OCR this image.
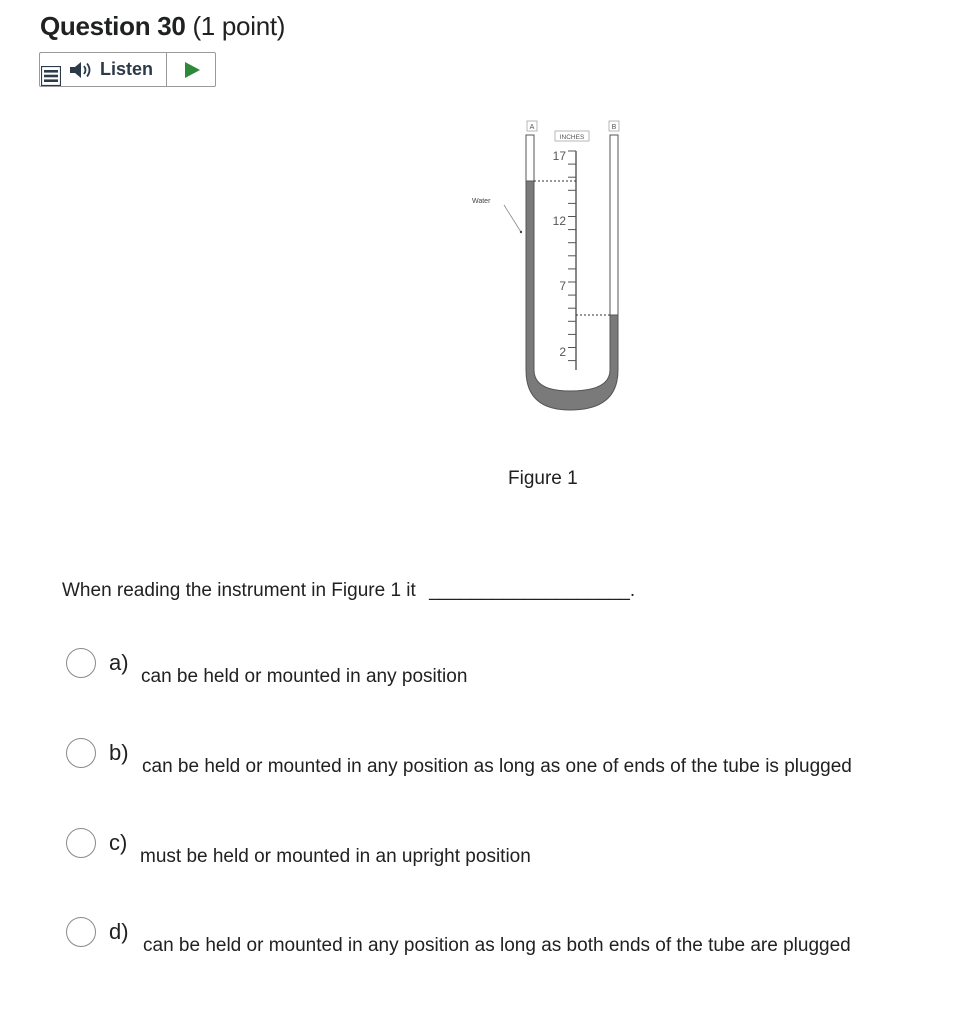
Question 30 (1 point)
Listen
A	B
INCHES
17
12
7
2
Water
Figure 1
When reading the instrument in Figure 1 it ___________________.
a)
can be held or mounted in any position
b)
can be held or mounted in any position as long as one of ends of the tube is plugged
c)
must be held or mounted in an upright position
d)
can be held or mounted in any position as long as both ends of the tube are plugged
